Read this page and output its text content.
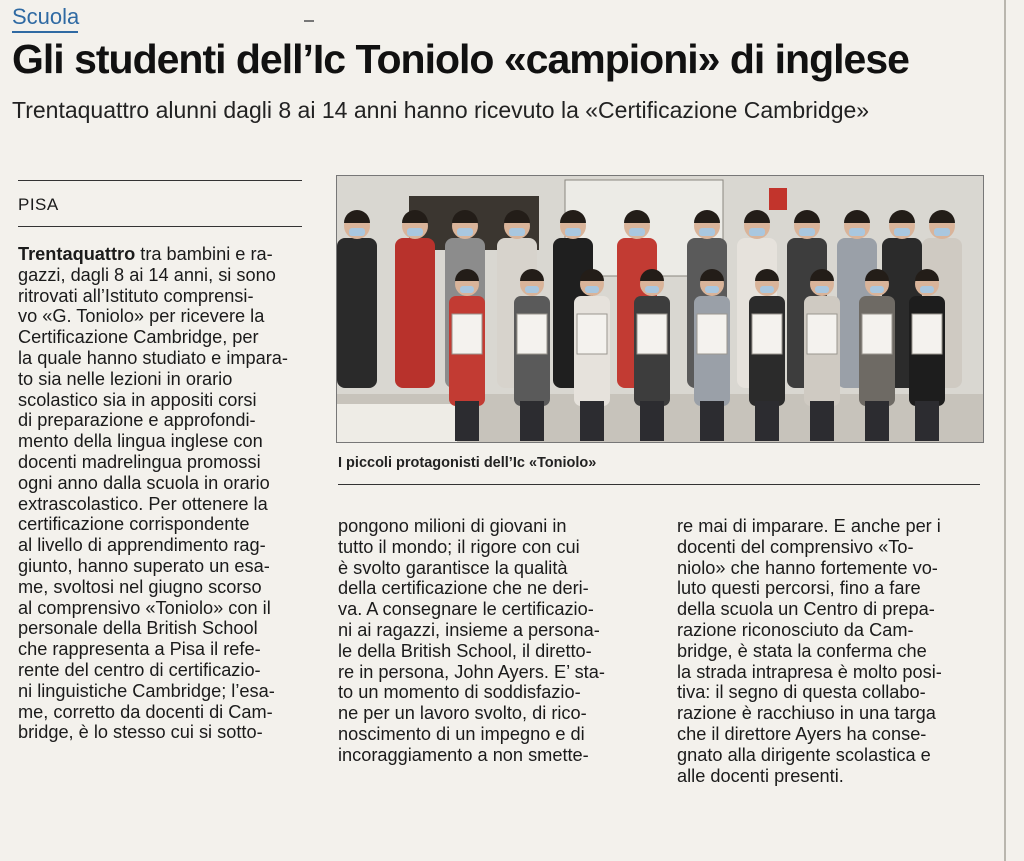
Scuola
Gli studenti dell’Ic Toniolo «campioni» di inglese
Trentaquattro alunni dagli 8 ai 14 anni hanno ricevuto la «Certificazione Cambridge»
PISA

Trentaquattro tra bambini e ra-
gazzi, dagli 8 ai 14 anni, si sono
ritrovati all’Istituto comprensi-
vo «G. Toniolo» per ricevere la
Certificazione Cambridge, per
la quale hanno studiato e impara-
to sia nelle lezioni in orario
scolastico sia in appositi corsi
di preparazione e approfondi-
mento della lingua inglese con
docenti madrelingua promossi
ogni anno dalla scuola in orario
extrascolastico. Per ottenere la
certificazione corrispondente
al livello di apprendimento rag-
giunto, hanno superato un esa-
me, svoltosi nel giugno scorso
al comprensivo «Toniolo» con il
personale della British School
che rappresenta a Pisa il refe-
rente del centro di certificazio-
ni linguistiche Cambridge; l’esa-
me, corretto da docenti di Cam-
bridge, è lo stesso cui si sotto-

I piccoli protagonisti dell’Ic «Toniolo»

pongono milioni di giovani in
tutto il mondo; il rigore con cui
è svolto garantisce la qualità
della certificazione che ne deri-
va. A consegnare le certificazio-
ni ai ragazzi, insieme a persona-
le della British School, il diretto-
re in persona, John Ayers. E’ sta-
to un momento di soddisfazio-
ne per un lavoro svolto, di rico-
noscimento di un impegno e di
incoraggiamento a non smette-

re mai di imparare. E anche per i
docenti del comprensivo «To-
niolo» che hanno fortemente vo-
luto questi percorsi, fino a fare
della scuola un Centro di prepa-
razione riconosciuto da Cam-
bridge, è stata la conferma che
la strada intrapresa è molto posi-
tiva: il segno di questa collabo-
razione è racchiuso in una targa
che il direttore Ayers ha conse-
gnato alla dirigente scolastica e
alle docenti presenti.
